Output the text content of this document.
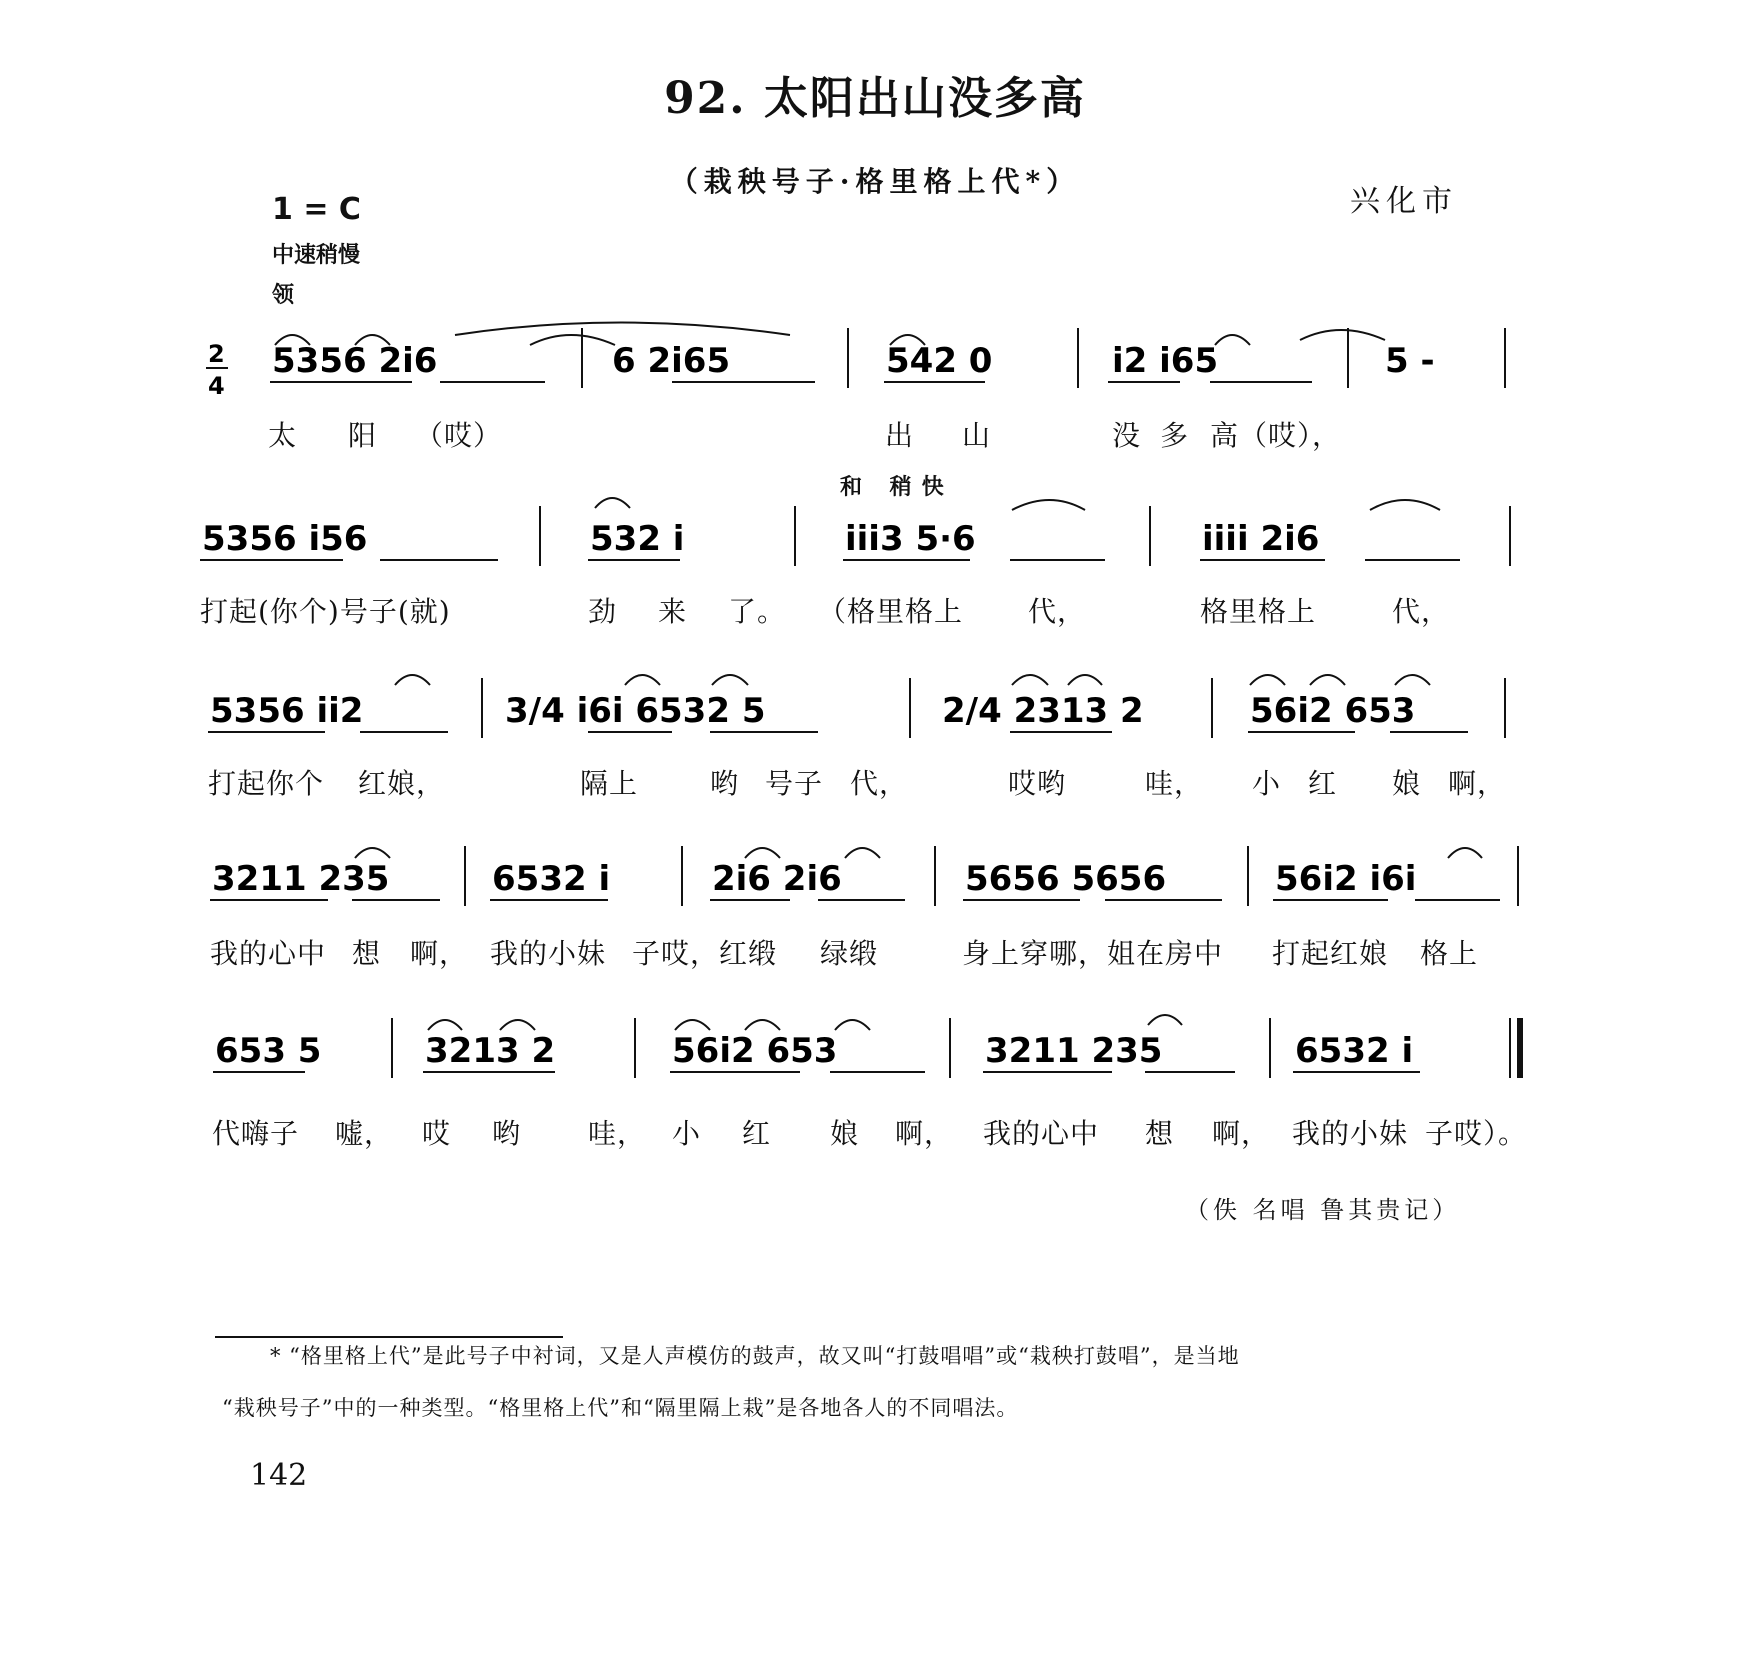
92. 太阳出山没多高
（栽秧号子·格里格上代*）
兴化市
1 = C
中速稍慢
领
和 稍快
2
4
5356 2i6	6 2i65	542 0	i2 i65	5 -
太 阳 （哎）	出 山	没 多 高（哎），
5356 i56	532 i	iii3 5·6	iiii 2i6
打起(你个)号子(就)	劲 来 了。 （格里格上 代，	格里格上	代，
5356 ii2	3/4 i6i 6532 5	2/4 2313 2	56i2 653
打起你个 红娘，	隔上	哟 号子 代，	哎哟	哇， 小 红 娘 啊，
3211 235	6532 i	2i6 2i6	5656 5656	56i2 i6i
我的心中 想 啊， 我的小妹 子哎，红缎 绿缎	身上穿哪，姐在房中 打起红娘 格上
653 5	3213 2	56i2 653	3211 235	6532 i
代嗨子 嘘， 哎 哟 哇， 小 红 娘 啊， 我的心中 想 啊， 我的小妹 子哎）。
（佚 名唱 鲁其贵记）
* “格里格上代”是此号子中衬词，又是人声模仿的鼓声，故又叫“打鼓唱唱”或“栽秧打鼓唱”，是当地
“栽秧号子”中的一种类型。“格里格上代”和“隔里隔上栽”是各地各人的不同唱法。
142
